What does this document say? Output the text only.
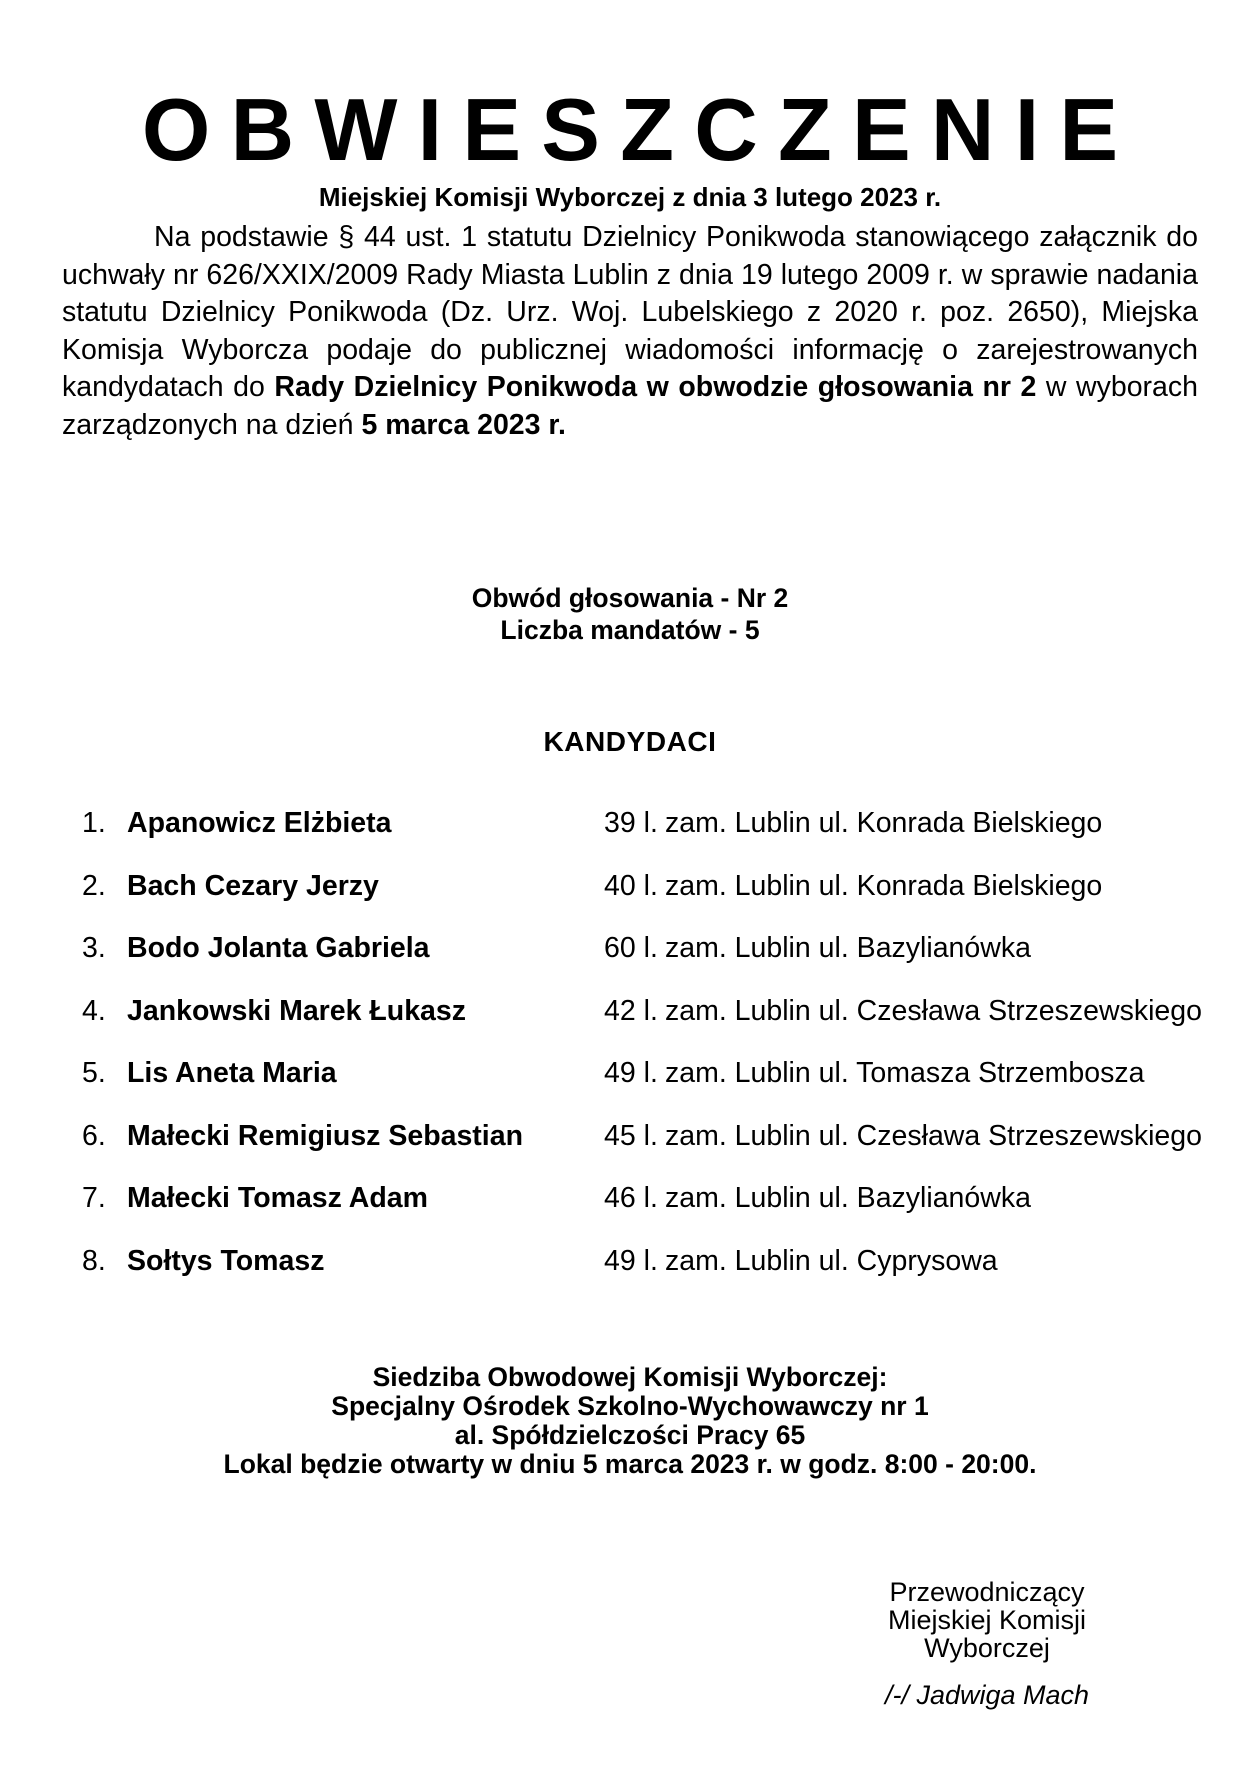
OBWIESZCZENIE
Miejskiej Komisji Wyborczej z dnia 3 lutego 2023 r.

Na podstawie § 44 ust. 1 statutu Dzielnicy Ponikwoda stanowiącego załącznik do uchwały nr 626/XXIX/2009 Rady Miasta Lublin z dnia 19 lutego 2009 r. w sprawie nadania statutu Dzielnicy Ponikwoda (Dz. Urz. Woj. Lubelskiego z 2020 r. poz. 2650), Miejska Komisja Wyborcza podaje do publicznej wiadomości informację o zarejestrowanych kandydatach do Rady Dzielnicy Ponikwoda w obwodzie głosowania nr 2 w wyborach zarządzonych na dzień 5 marca 2023 r.

Obwód głosowania - Nr 2
Liczba mandatów - 5
KANDYDACI
1. Apanowicz Elżbieta	39 l. zam. Lublin ul. Konrada Bielskiego
2. Bach Cezary Jerzy	40 l. zam. Lublin ul. Konrada Bielskiego
3. Bodo Jolanta Gabriela	60 l. zam. Lublin ul. Bazylianówka
4. Jankowski Marek Łukasz	42 l. zam. Lublin ul. Czesława Strzeszewskiego
5. Lis Aneta Maria	49 l. zam. Lublin ul. Tomasza Strzembosza
6. Małecki Remigiusz Sebastian	45 l. zam. Lublin ul. Czesława Strzeszewskiego
7. Małecki Tomasz Adam	46 l. zam. Lublin ul. Bazylianówka
8. Sołtys Tomasz	49 l. zam. Lublin ul. Cyprysowa
Siedziba Obwodowej Komisji Wyborczej:
Specjalny Ośrodek Szkolno-Wychowawczy nr 1
al. Spółdzielczości Pracy 65
Lokal będzie otwarty w dniu 5 marca 2023 r. w godz. 8:00 - 20:00.
Przewodniczący
Miejskiej Komisji Wyborczej
/-/ Jadwiga Mach
